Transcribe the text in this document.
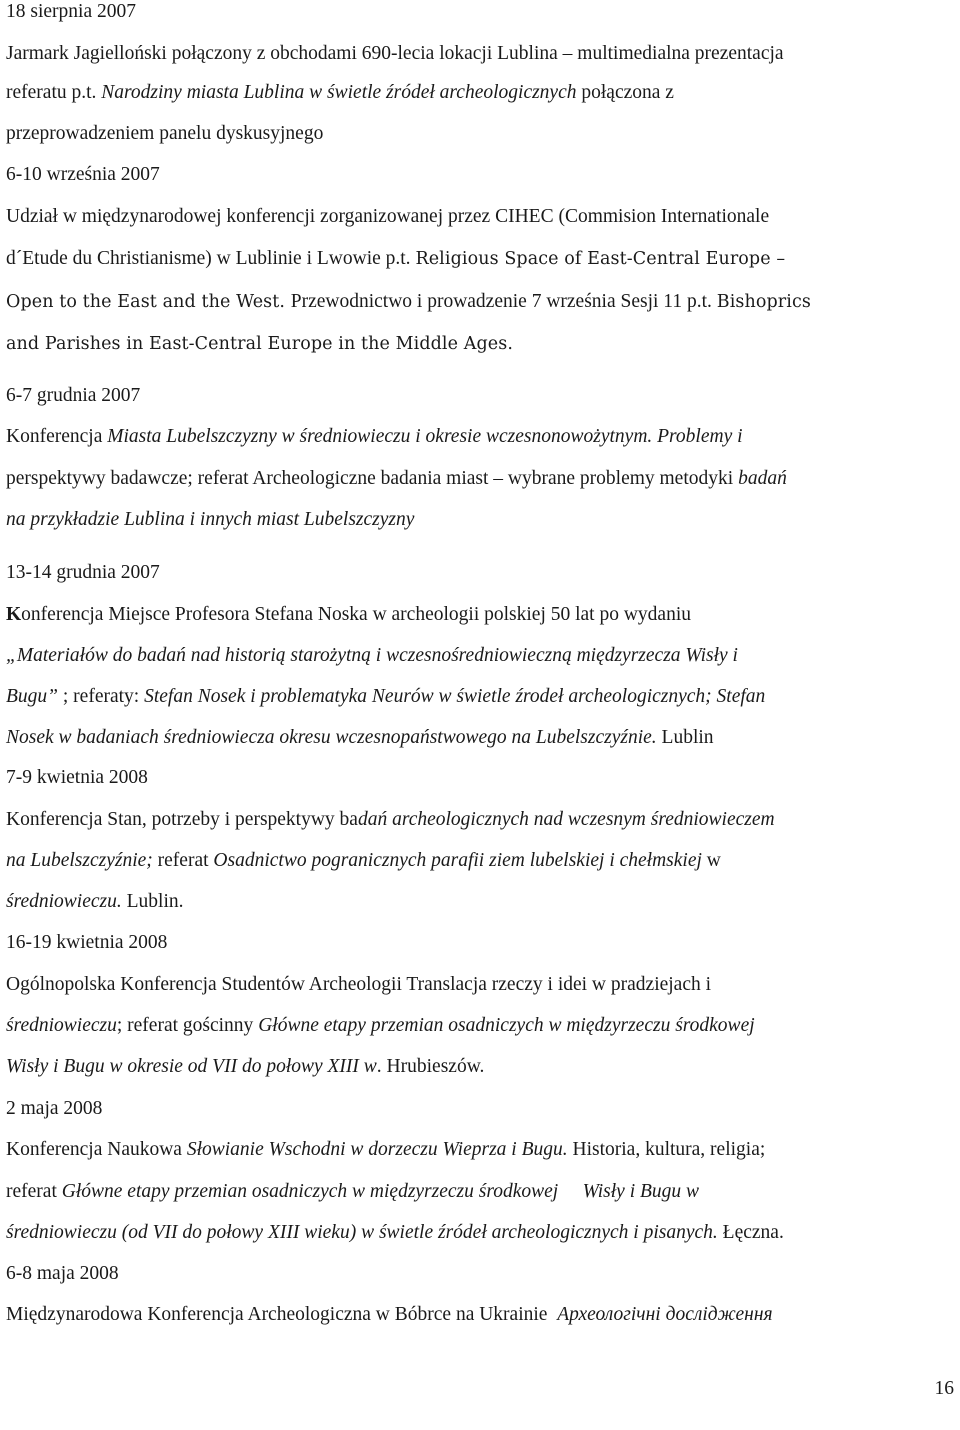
18 sierpnia 2007
Jarmark Jagielloński połączony z obchodami 690-lecia lokacji Lublina – multimedialna prezentacja
referatu p.t. Narodziny miasta Lublina w świetle źródeł archeologicznych połączona z
przeprowadzeniem panelu dyskusyjnego
6-10 września 2007
Udział w międzynarodowej konferencji zorganizowanej przez CIHEC (Commision Internationale
d´Etude du Christianisme) w Lublinie i Lwowie p.t. Religious Space of East-Central Europe –
Open to the East and the West. Przewodnictwo i prowadzenie 7 września Sesji 11 p.t. Bishoprics
and Parishes in East-Central Europe in the Middle Ages.
6-7 grudnia 2007
Konferencja Miasta Lubelszczyzny w średniowieczu i okresie wczesnonowożytnym. Problemy i
perspektywy badawcze; referat Archeologiczne badania miast – wybrane problemy metodyki badań
na przykładzie Lublina i innych miast Lubelszczyzny
13-14 grudnia 2007
Konferencja Miejsce Profesora Stefana Noska w archeologii polskiej 50 lat po wydaniu
„Materiałów do badań nad historią starożytną i wczesnośredniowieczną międzyrzecza Wisły i
Bugu” ; referaty: Stefan Nosek i problematyka Neurów w świetle źrodeł archeologicznych; Stefan
Nosek w badaniach średniowiecza okresu wczesnopaństwowego na Lubelszczyźnie. Lublin
7-9 kwietnia 2008
Konferencja Stan, potrzeby i perspektywy badań archeologicznych nad wczesnym średniowieczem
na Lubelszczyźnie; referat Osadnictwo pogranicznych parafii ziem lubelskiej i chełmskiej w
średniowieczu. Lublin.
16-19 kwietnia 2008
Ogólnopolska Konferencja Studentów Archeologii Translacja rzeczy i idei w pradziejach i
średniowieczu; referat gościnny Główne etapy przemian osadniczych w międzyrzeczu środkowej
Wisły i Bugu w okresie od VII do połowy XIII w. Hrubieszów.
2 maja 2008
Konferencja Naukowa Słowianie Wschodni w dorzeczu Wieprza i Bugu. Historia, kultura, religia;
referat Główne etapy przemian osadniczych w międzyrzeczu środkowej     Wisły i Bugu w
średniowieczu (od VII do połowy XIII wieku) w świetle źródeł archeologicznych i pisanych. Łęczna.
6-8 maja 2008
Międzynarodowa Konferencja Archeologiczna w Bóbrce na Ukrainie  Археологічні дослідження
16
